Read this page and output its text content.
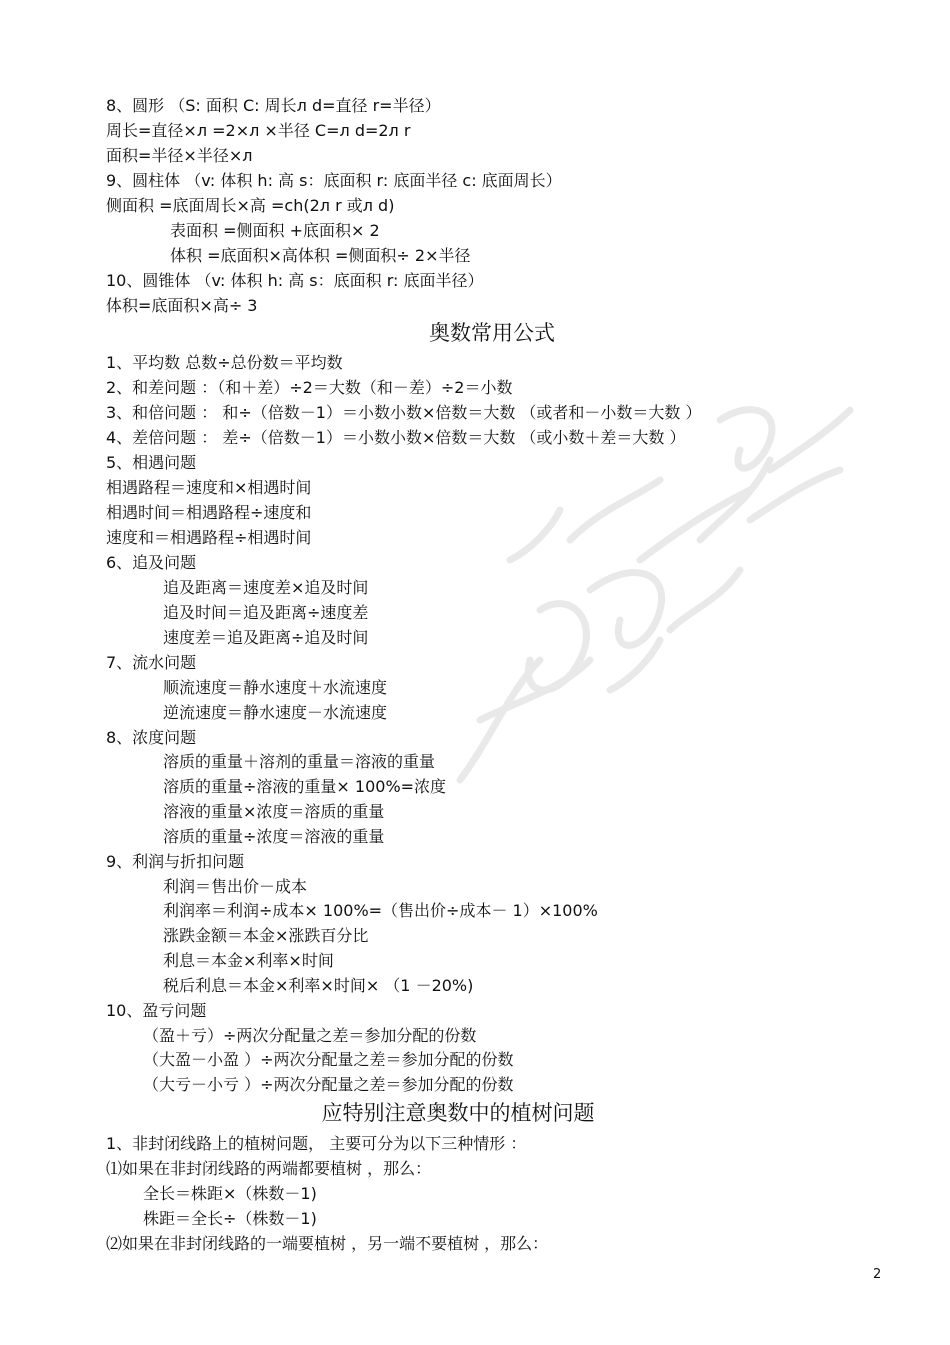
8、圆形 （S: 面积 C: 周长л d=直径 r=半径）
周长=直径×л =2×л ×半径 C=л d=2л r
面积=半径×半径×л
9、圆柱体 （v: 体积 h: 高 s：底面积 r: 底面半径 c: 底面周长）
侧面积 =底面周长×高 =ch(2л r 或л d)
表面积 =侧面积 +底面积× 2
体积 =底面积×高体积 =侧面积÷ 2×半径
10、圆锥体 （v: 体积 h: 高 s：底面积 r: 底面半径）
体积=底面积×高÷ 3
奥数常用公式
1、平均数 总数÷总份数＝平均数
2、和差问题 ：（和＋差）÷2＝大数（和－差）÷2＝小数
3、和倍问题 ： 和÷（倍数－1）＝小数小数×倍数＝大数 （或者和－小数＝大数 ）
4、差倍问题 ： 差÷（倍数－1）＝小数小数×倍数＝大数 （或小数＋差＝大数 ）
5、相遇问题
相遇路程＝速度和×相遇时间
相遇时间＝相遇路程÷速度和
速度和＝相遇路程÷相遇时间
6、追及问题
追及距离＝速度差×追及时间
追及时间＝追及距离÷速度差
速度差＝追及距离÷追及时间
7、流水问题
顺流速度＝静水速度＋水流速度
逆流速度＝静水速度－水流速度
8、浓度问题
溶质的重量＋溶剂的重量＝溶液的重量
溶质的重量÷溶液的重量× 100%=浓度
溶液的重量×浓度＝溶质的重量
溶质的重量÷浓度＝溶液的重量
9、利润与折扣问题
利润＝售出价－成本
利润率＝利润÷成本× 100%=（售出价÷成本－ 1）×100%
涨跌金额＝本金×涨跌百分比
利息＝本金×利率×时间
税后利息＝本金×利率×时间× （1 －20%)
10、盈亏问题
（盈＋亏）÷两次分配量之差＝参加分配的份数
（大盈－小盈 ）÷两次分配量之差＝参加分配的份数
（大亏－小亏 ）÷两次分配量之差＝参加分配的份数
应特别注意奥数中的植树问题
1、非封闭线路上的植树问题， 主要可分为以下三种情形 ：
⑴如果在非封闭线路的两端都要植树 ，那么：
全长＝株距×（株数－1)
株距＝全长÷（株数－1)
⑵如果在非封闭线路的一端要植树 ，另一端不要植树 ，那么：
2
